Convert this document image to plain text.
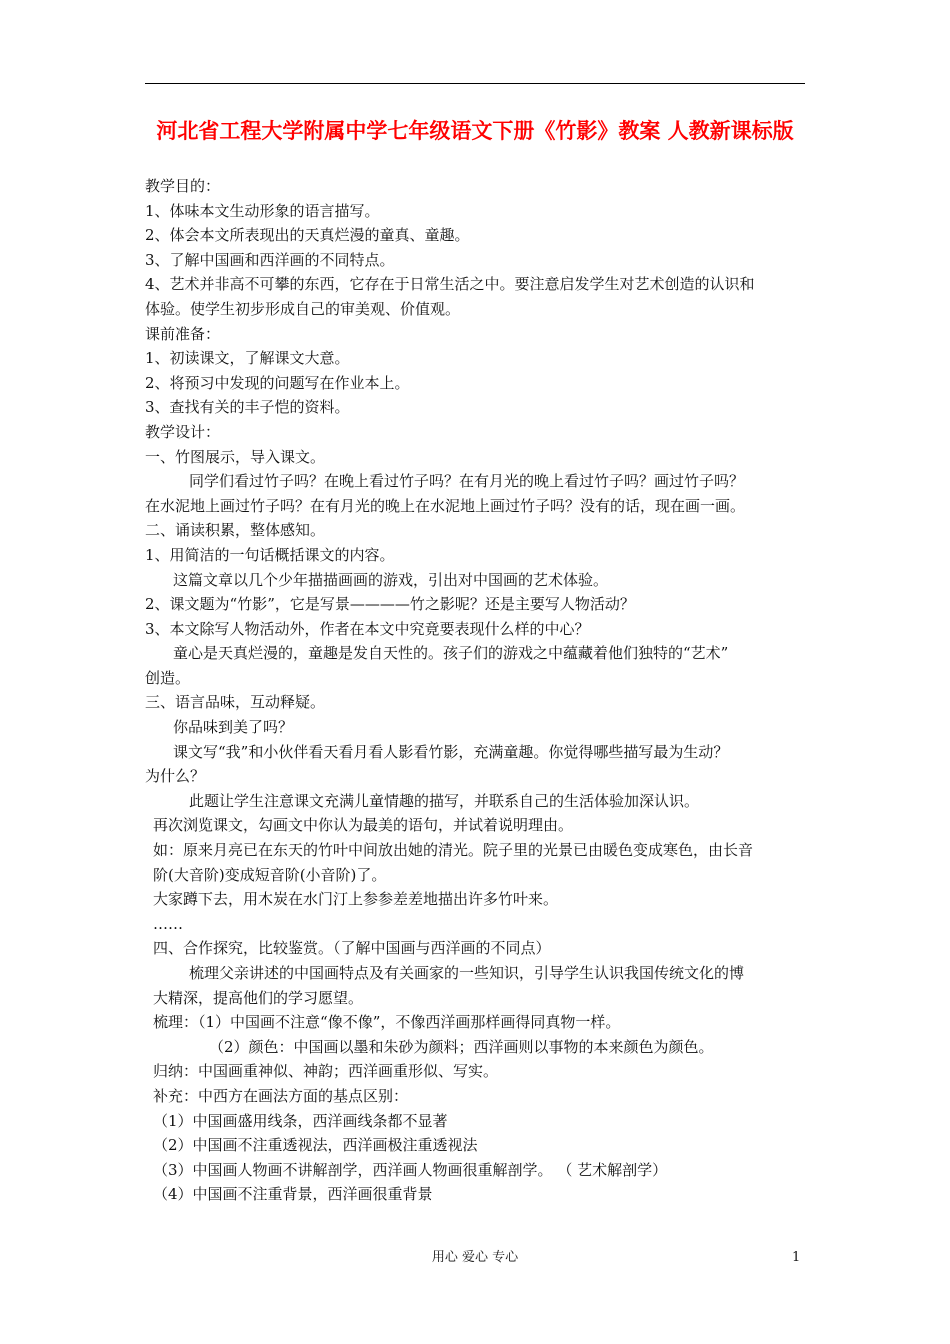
河北省工程大学附属中学七年级语文下册《竹影》教案 人教新课标版

教学目的：

1、体味本文生动形象的语言描写。

2、体会本文所表现出的天真烂漫的童真、童趣。

3、了解中国画和西洋画的不同特点。

4、艺术并非高不可攀的东西，它存在于日常生活之中。要注意启发学生对艺术创造的认识和

体验。使学生初步形成自己的审美观、价值观。

课前准备：

1、初读课文，了解课文大意。

2、将预习中发现的问题写在作业本上。

3、查找有关的丰子恺的资料。

教学设计：

一、竹图展示，导入课文。

同学们看过竹子吗？在晚上看过竹子吗？在有月光的晚上看过竹子吗？画过竹子吗？

在水泥地上画过竹子吗？在有月光的晚上在水泥地上画过竹子吗？没有的话，现在画一画。

二、诵读积累，整体感知。

1、用简洁的一句话概括课文的内容。

这篇文章以几个少年描描画画的游戏，引出对中国画的艺术体验。

2、课文题为“竹影”，它是写景————竹之影呢？还是主要写人物活动？

3、本文除写人物活动外，作者在本文中究竟要表现什么样的中心？

童心是天真烂漫的，童趣是发自天性的。孩子们的游戏之中蕴藏着他们独特的“艺术”

创造。

三、语言品味，互动释疑。

你品味到美了吗？

课文写“我”和小伙伴看天看月看人影看竹影，充满童趣。你觉得哪些描写最为生动？

为什么？

此题让学生注意课文充满儿童情趣的描写，并联系自己的生活体验加深认识。

再次浏览课文，勾画文中你认为最美的语句，并试着说明理由。

如：原来月亮已在东天的竹叶中间放出她的清光。院子里的光景已由暖色变成寒色，由长音

阶(大音阶)变成短音阶(小音阶)了。

大家蹲下去，用木炭在水门汀上参参差差地描出许多竹叶来。

……

四、合作探究，比较鉴赏。（了解中国画与西洋画的不同点）

梳理父亲讲述的中国画特点及有关画家的一些知识，引导学生认识我国传统文化的博

大精深，提高他们的学习愿望。

梳理：（1）中国画不注意“像不像”，不像西洋画那样画得同真物一样。

（2）颜色：中国画以墨和朱砂为颜料；西洋画则以事物的本来颜色为颜色。

归纳：中国画重神似、神韵；西洋画重形似、写实。

补充：中西方在画法方面的基点区别：

（1）中国画盛用线条，西洋画线条都不显著

（2）中国画不注重透视法，西洋画极注重透视法

（3）中国画人物画不讲解剖学，西洋画人物画很重解剖学。 （ 艺术解剖学）

（4）中国画不注重背景，西洋画很重背景

用心 爱心 专心	1
